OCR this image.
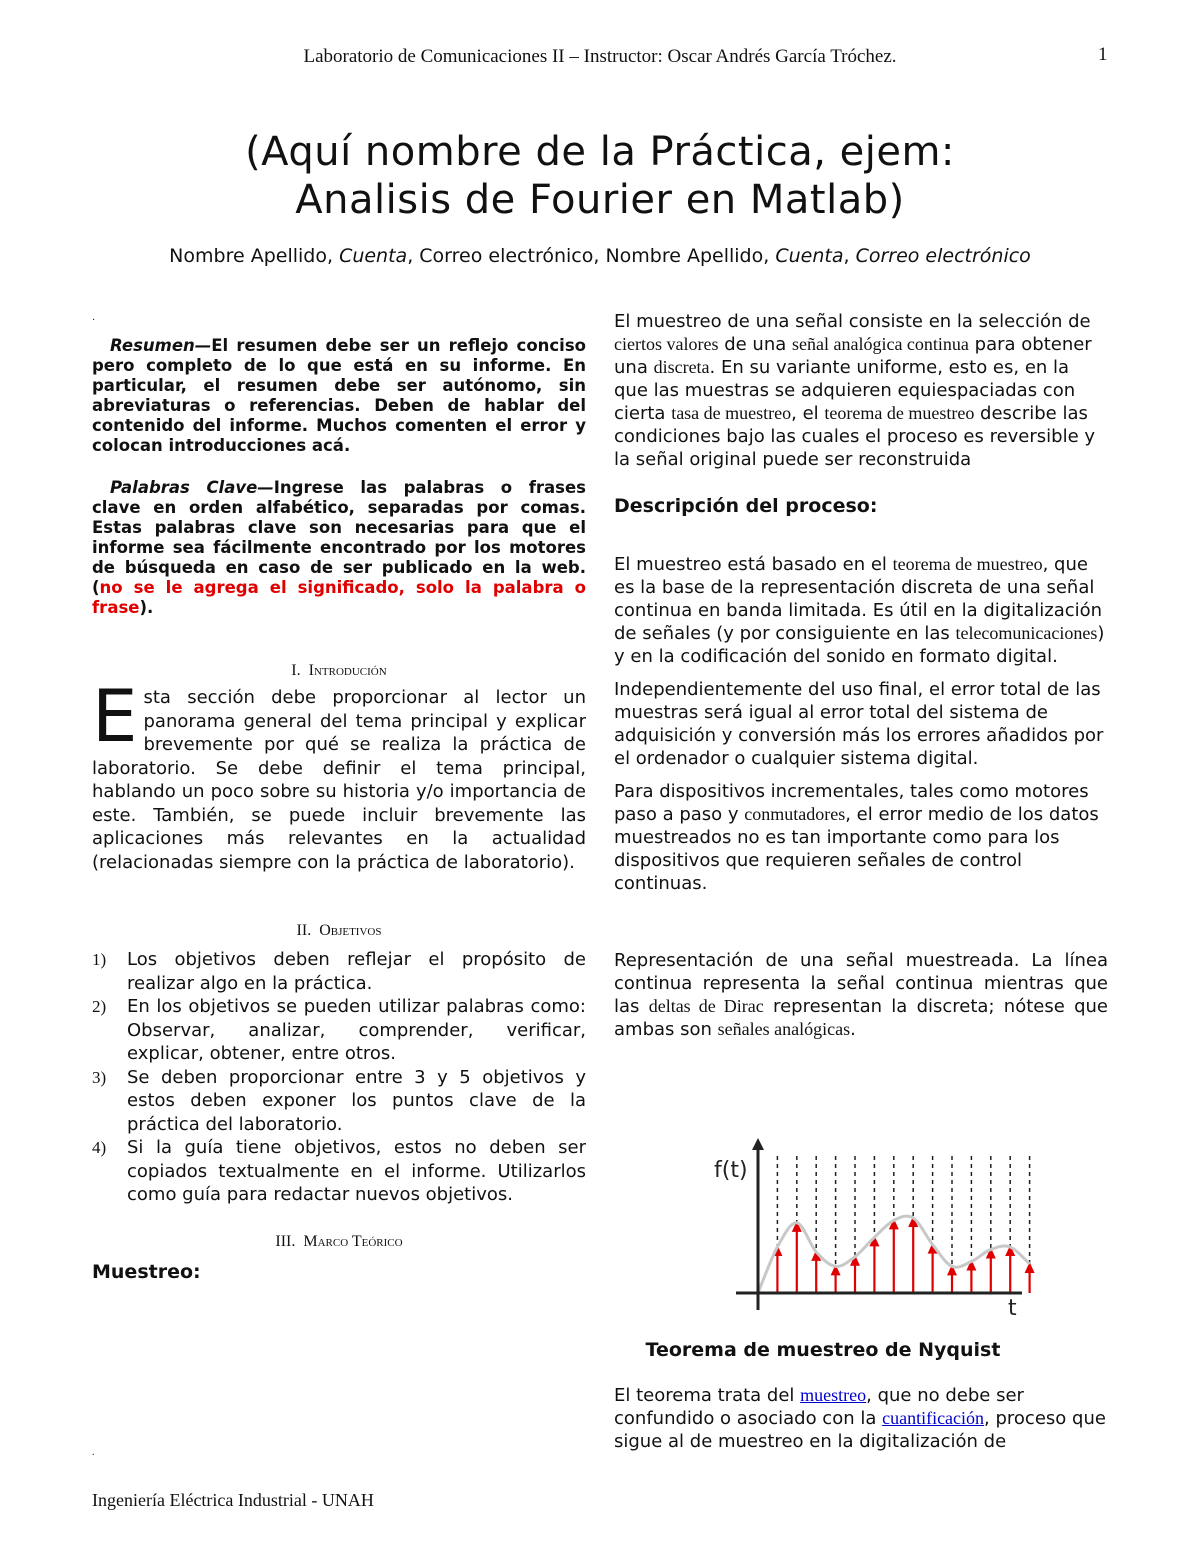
Laboratorio de Comunicaciones II – Instructor: Oscar Andrés García Tróchez.	1
(Aquí nombre de la Práctica, ejem:
Analisis de Fourier en Matlab)
Nombre Apellido, Cuenta, Correo electrónico, Nombre Apellido, Cuenta, Correo electrónico
.
Resumen—El resumen debe ser un reflejo conciso pero completo de lo que está en su informe. En particular, el resumen debe ser autónomo, sin abreviaturas o referencias. Deben de hablar del contenido del informe. Muchos comenten el error y colocan introducciones acá.
Palabras Clave—Ingrese las palabras o frases clave en orden alfabético, separadas por comas. Estas palabras clave son necesarias para que el informe sea fácilmente encontrado por los motores de búsqueda en caso de ser publicado en la web. (no se le agrega el significado, solo la palabra o frase).

I. Introdución

Esta sección debe proporcionar al lector un panorama general del tema principal y explicar brevemente por qué se realiza la práctica de laboratorio. Se debe definir el tema principal, hablando un poco sobre su historia y/o importancia de este. También, se puede incluir brevemente las aplicaciones más relevantes en la actualidad (relacionadas siempre con la práctica de laboratorio).

II. Objetivos

1)	Los objetivos deben reflejar el propósito de realizar algo en la práctica.
2)	En los objetivos se pueden utilizar palabras como: Observar, analizar, comprender, verificar, explicar, obtener, entre otros.
3)	Se deben proporcionar entre 3 y 5 objetivos y estos deben exponer los puntos clave de la práctica del laboratorio.
4)	Si la guía tiene objetivos, estos no deben ser copiados textualmente en el informe. Utilizarlos como guía para redactar nuevos objetivos.

III. Marco Teórico

Muestreo:
El muestreo de una señal consiste en la selección de ciertos valores de una señal analógica continua para obtener una discreta. En su variante uniforme, esto es, en la que las muestras se adquieren equiespaciadas con cierta tasa de muestreo, el teorema de muestreo describe las condiciones bajo las cuales el proceso es reversible y la señal original puede ser reconstruida
Descripción del proceso:
El muestreo está basado en el teorema de muestreo, que es la base de la representación discreta de una señal continua en banda limitada. Es útil en la digitalización de señales (y por consiguiente en las telecomunicaciones) y en la codificación del sonido en formato digital.
Independientemente del uso final, el error total de las muestras será igual al error total del sistema de adquisición y conversión más los errores añadidos por el ordenador o cualquier sistema digital.
Para dispositivos incrementales, tales como motores paso a paso y conmutadores, el error medio de los datos muestreados no es tan importante como para los dispositivos que requieren señales de control continuas.
Representación de una señal muestreada. La línea continua representa la señal continua mientras que las deltas de Dirac representan la discreta; nótese que ambas son señales analógicas.
f(t)
t
Teorema de muestreo de Nyquist
El teorema trata del muestreo, que no debe ser confundido o asociado con la cuantificación, proceso que sigue al de muestreo en la digitalización de
.
Ingeniería Eléctrica Industrial - UNAH
